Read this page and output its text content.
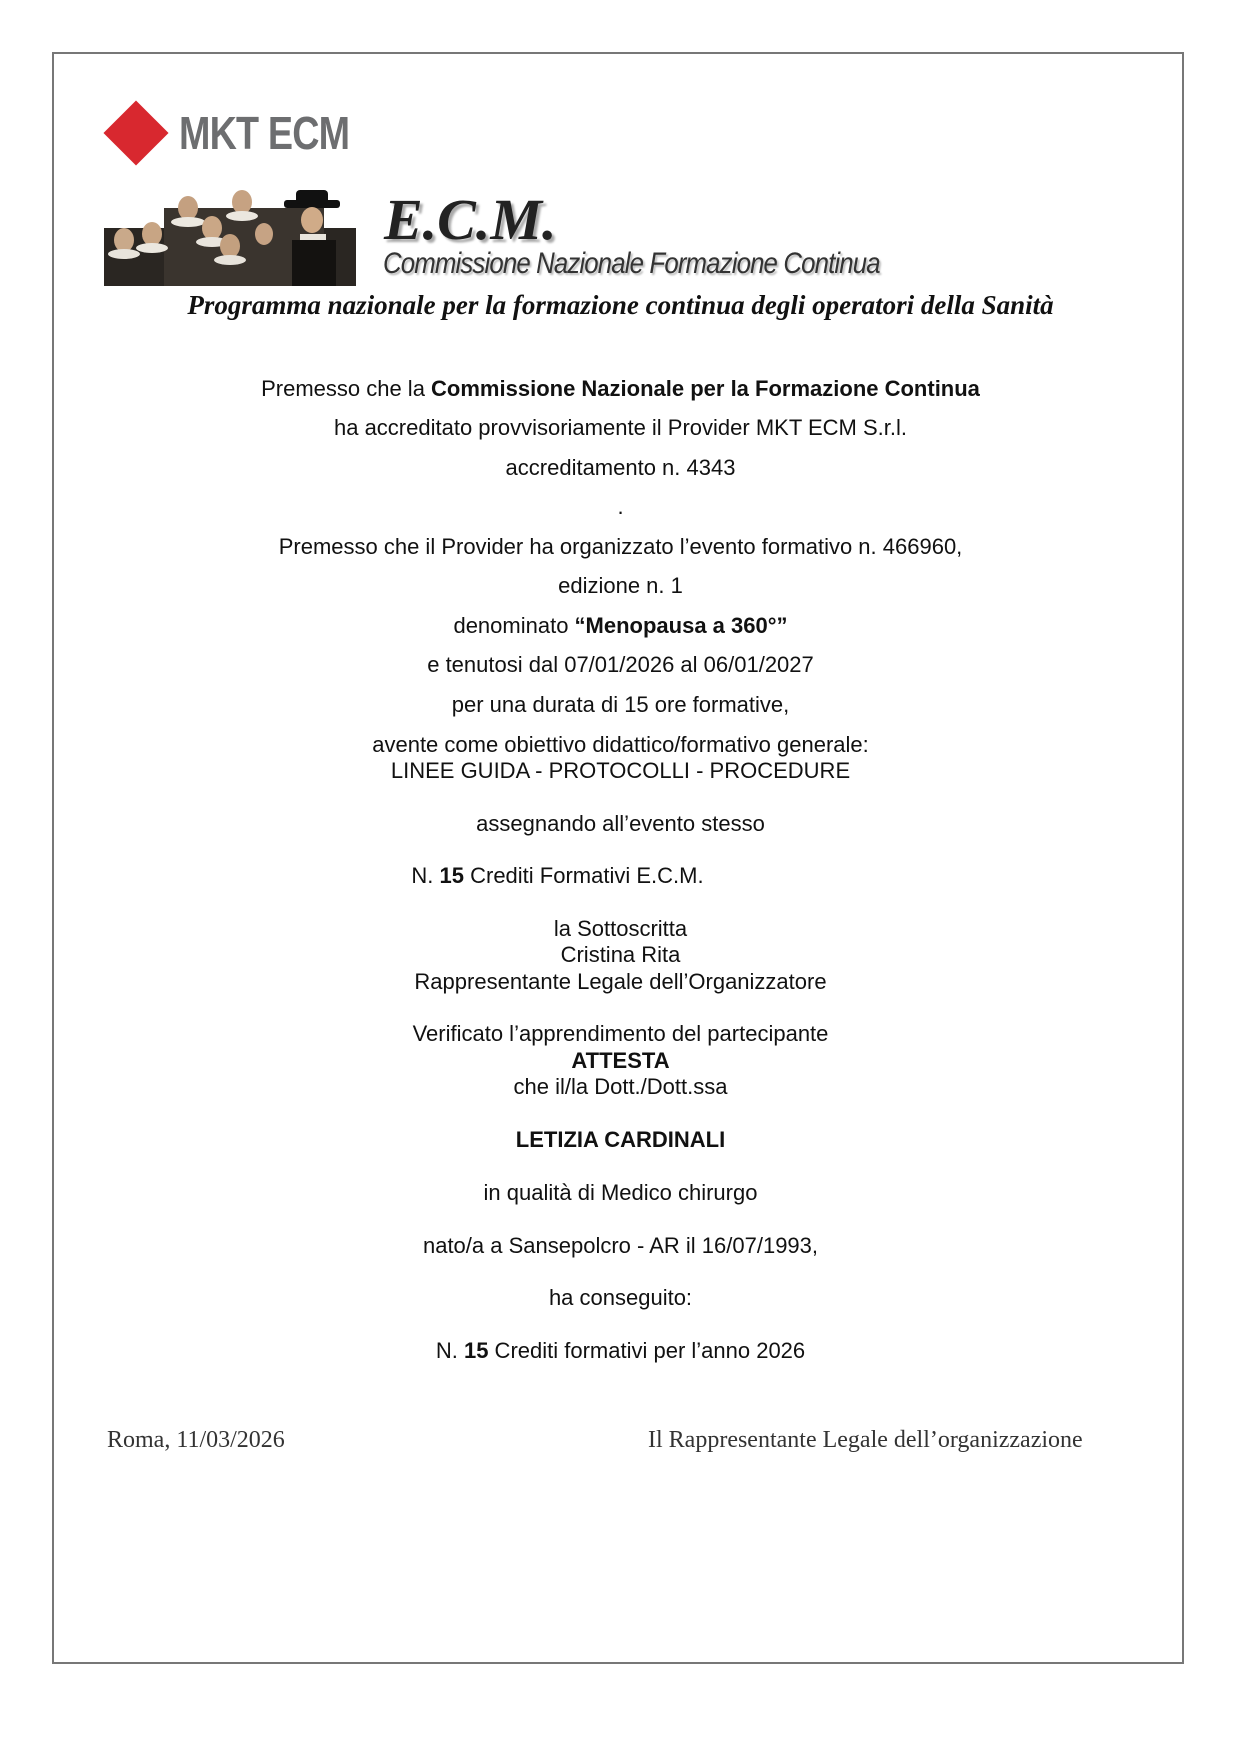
MKT ECM
E.C.M.
Commissione Nazionale Formazione Continua
Programma nazionale per la formazione continua degli operatori della Sanità
Premesso che la Commissione Nazionale per la Formazione Continua
ha accreditato provvisoriamente il Provider MKT ECM S.r.l.
accreditamento n. 4343
.
Premesso che il Provider ha organizzato l’evento formativo n. 466960,
edizione n. 1
denominato “Menopausa a 360°”
e tenutosi dal 07/01/2026 al 06/01/2027
per una durata di 15 ore formative,
avente come obiettivo didattico/formativo generale:
LINEE GUIDA - PROTOCOLLI - PROCEDURE
assegnando all’evento stesso
N. 15 Crediti Formativi E.C.M.
la Sottoscritta
Cristina Rita
Rappresentante Legale dell’Organizzatore
Verificato l’apprendimento del partecipante
ATTESTA
che il/la Dott./Dott.ssa
LETIZIA CARDINALI
in qualità di Medico chirurgo
nato/a a Sansepolcro - AR il 16/07/1993,
ha conseguito:
N. 15 Crediti formativi per l’anno 2026
Roma, 11/03/2026	Il Rappresentante Legale dell’organizzazione
